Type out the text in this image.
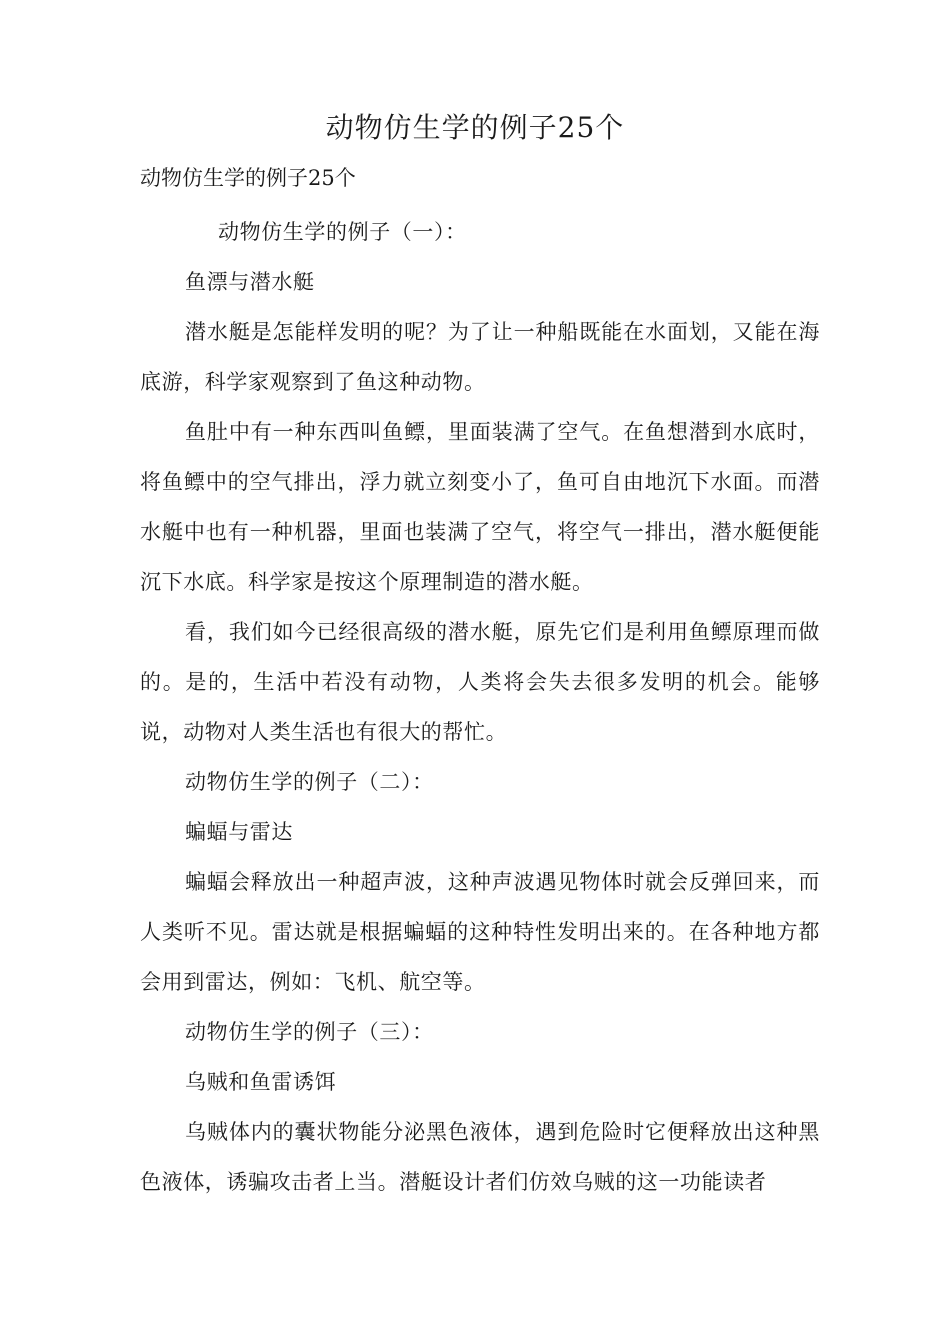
动物仿生学的例子25个
动物仿生学的例子25个

动物仿生学的例子（一）：

鱼漂与潜水艇

潜水艇是怎能样发明的呢？为了让一种船既能在水面划，又能在海底游，科学家观察到了鱼这种动物。

鱼肚中有一种东西叫鱼鳔，里面装满了空气。在鱼想潜到水底时，将鱼鳔中的空气排出，浮力就立刻变小了，鱼可自由地沉下水面。而潜水艇中也有一种机器，里面也装满了空气，将空气一排出，潜水艇便能沉下水底。科学家是按这个原理制造的潜水艇。

看，我们如今已经很高级的潜水艇，原先它们是利用鱼鳔原理而做的。是的，生活中若没有动物，人类将会失去很多发明的机会。能够说，动物对人类生活也有很大的帮忙。

动物仿生学的例子（二）：

蝙蝠与雷达

蝙蝠会释放出一种超声波，这种声波遇见物体时就会反弹回来，而人类听不见。雷达就是根据蝙蝠的这种特性发明出来的。在各种地方都会用到雷达，例如：飞机、航空等。

动物仿生学的例子（三）：

乌贼和鱼雷诱饵

乌贼体内的囊状物能分泌黑色液体，遇到危险时它便释放出这种黑色液体，诱骗攻击者上当。潜艇设计者们仿效乌贼的这一功能读者
